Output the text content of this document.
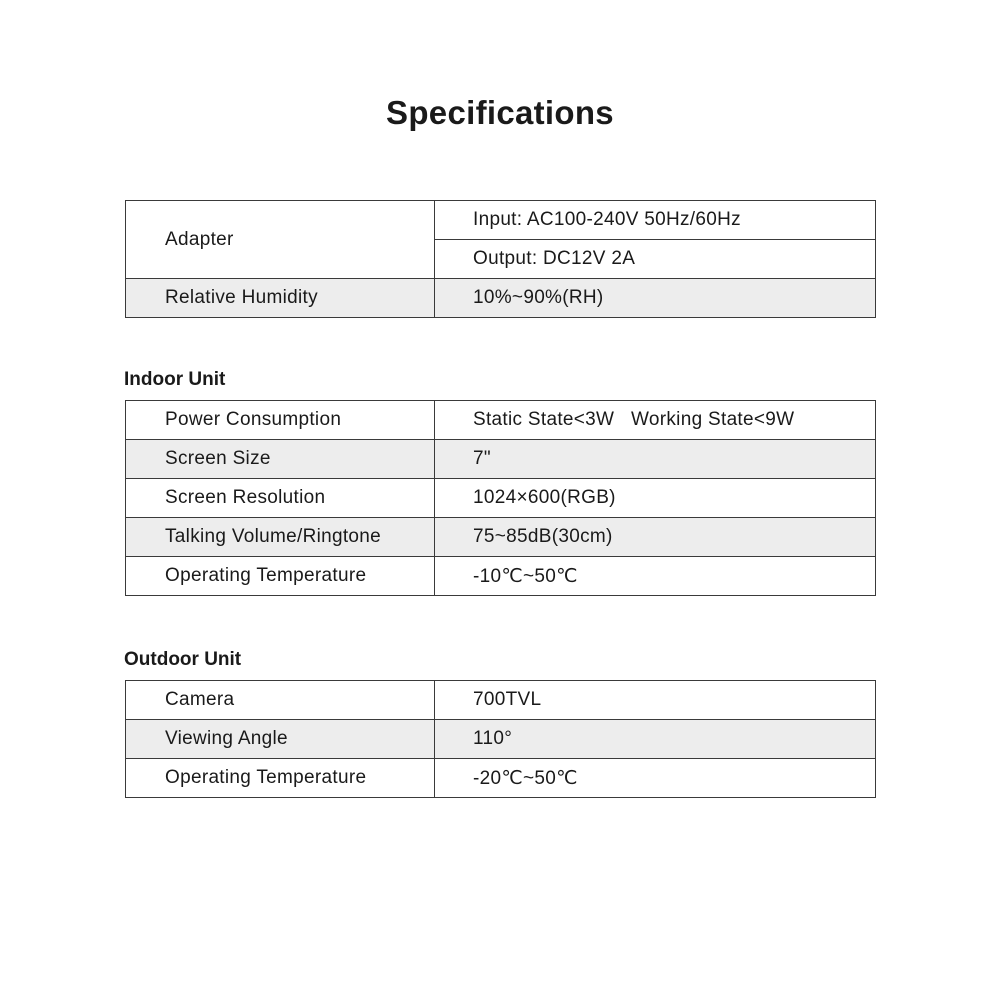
Specifications
Adapter	Input: AC100-240V 50Hz/60Hz
	Output: DC12V 2A
Relative Humidity	10%~90%(RH)
Indoor Unit
Power Consumption	Static State<3W   Working State<9W
Screen Size	7"
Screen Resolution	1024×600(RGB)
Talking Volume/Ringtone	75~85dB(30cm)
Operating Temperature	-10℃~50℃
Outdoor Unit
Camera	700TVL
Viewing Angle	110°
Operating Temperature	-20℃~50℃
